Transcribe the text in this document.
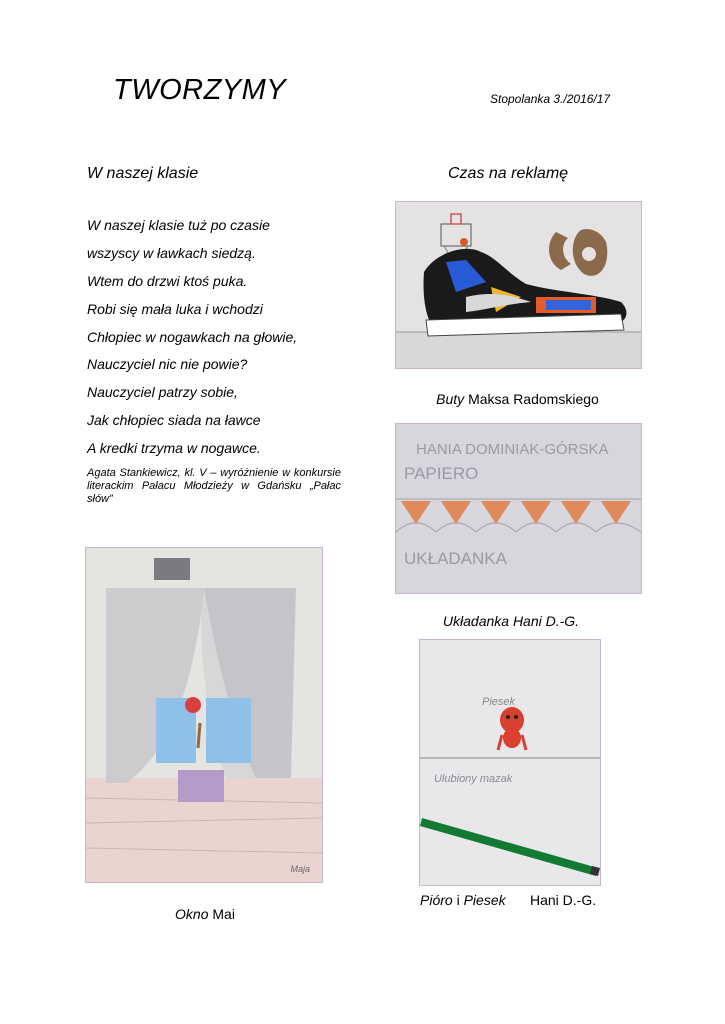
TWORZYMY	Stopolanka 3./2016/17
W naszej klasie	Czas na reklamę
W naszej klasie tuż po czasie
wszyscy w ławkach siedzą.
Wtem do drzwi ktoś puka.
Robi się mała luka i wchodzi
Chłopiec w nogawkach na głowie,
Nauczyciel nic nie powie?
Nauczyciel patrzy sobie,
Jak chłopiec siada na ławce
A kredki trzyma w nogawce.
Agata Stankiewicz, kl. V – wyróżnienie w konkursie literackim Pałacu Młodzieży w Gdańsku „Pałac słów”
Buty Maksa Radomskiego
HANIA DOMINIAK-GÓRSKA
PAPIERO
UKŁADANKA
Układanka Hani D.-G.
Maja
Okno Mai
Piesek
Ulubiony mazak
Pióro i Piesek	Hani D.-G.
